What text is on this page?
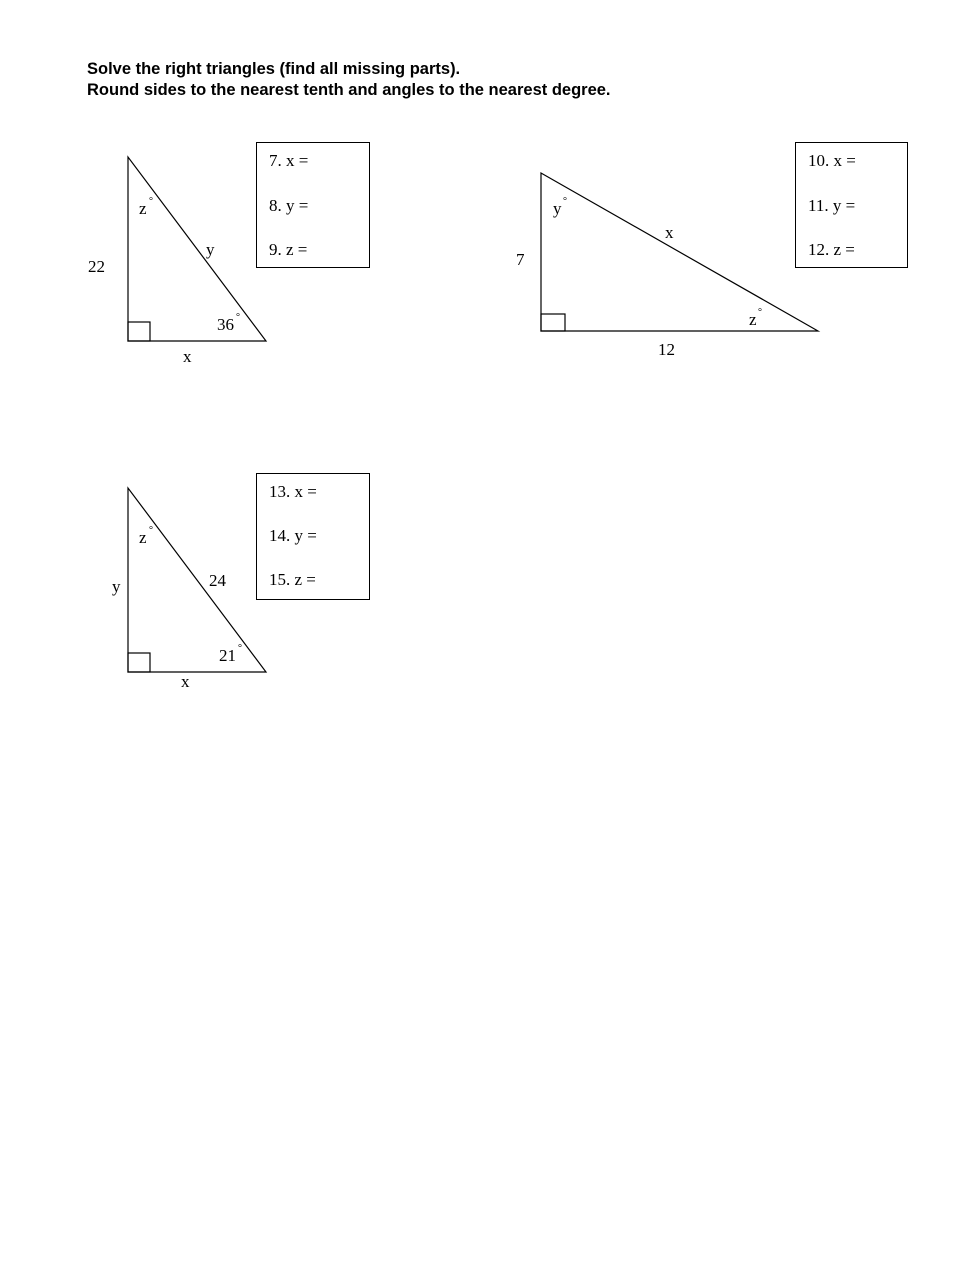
Solve the right triangles (find all missing parts).
Round sides to the nearest tenth and angles to the nearest degree.
22
x
y
z °
36 °
7
12
x
y °
z °
y
x
24
z °
21 °
7. x =
8. y =
9. z =
10. x =
11. y =
12. z =
13. x =
14. y =
15. z =
